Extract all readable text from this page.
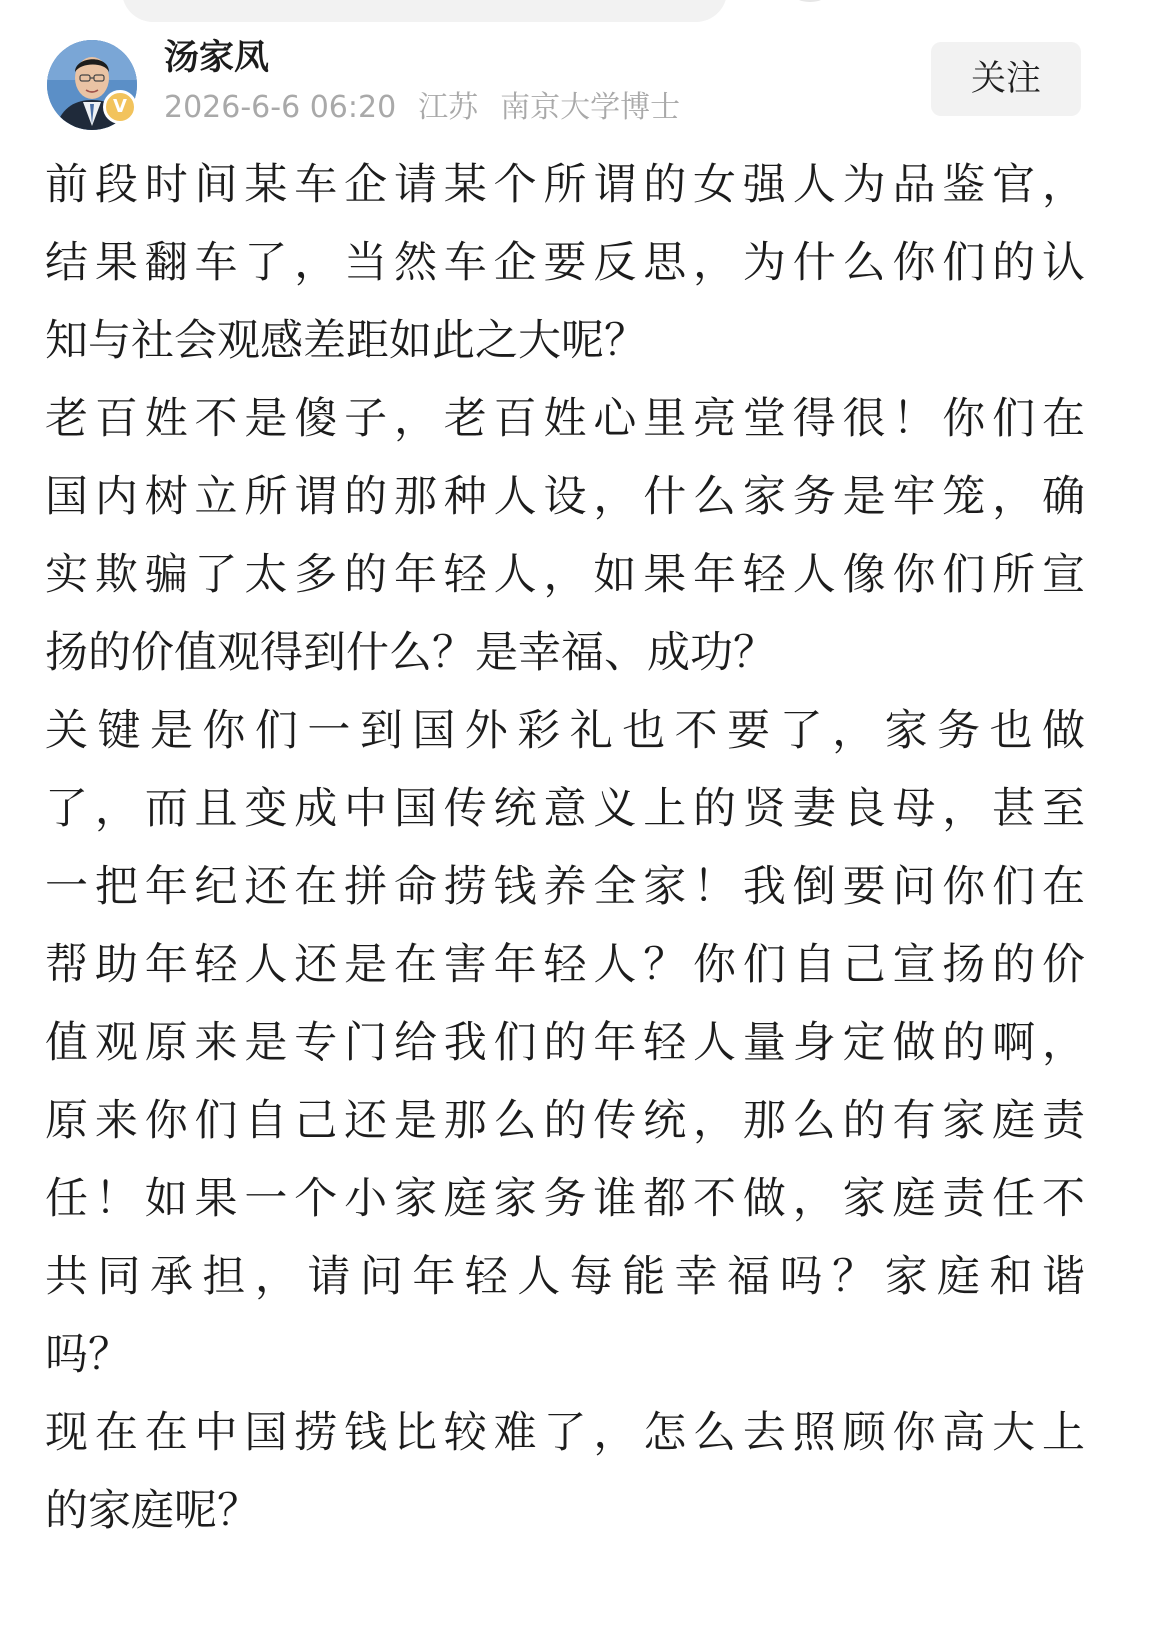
V
汤家凤
2026-6-6 06:20 江苏 南京大学博士
关注
前段时间某车企请某个所谓的女强人为品鉴官，
结果翻车了，当然车企要反思，为什么你们的认
知与社会观感差距如此之大呢？
老百姓不是傻子，老百姓心里亮堂得很！你们在
国内树立所谓的那种人设，什么家务是牢笼，确
实欺骗了太多的年轻人，如果年轻人像你们所宣
扬的价值观得到什么？是幸福、成功？
关键是你们一到国外彩礼也不要了，家务也做
了，而且变成中国传统意义上的贤妻良母，甚至
一把年纪还在拼命捞钱养全家！我倒要问你们在
帮助年轻人还是在害年轻人？你们自己宣扬的价
值观原来是专门给我们的年轻人量身定做的啊，
原来你们自己还是那么的传统，那么的有家庭责
任！如果一个小家庭家务谁都不做，家庭责任不
共同承担，请问年轻人每能幸福吗？家庭和谐
吗？
现在在中国捞钱比较难了，怎么去照顾你高大上
的家庭呢？
